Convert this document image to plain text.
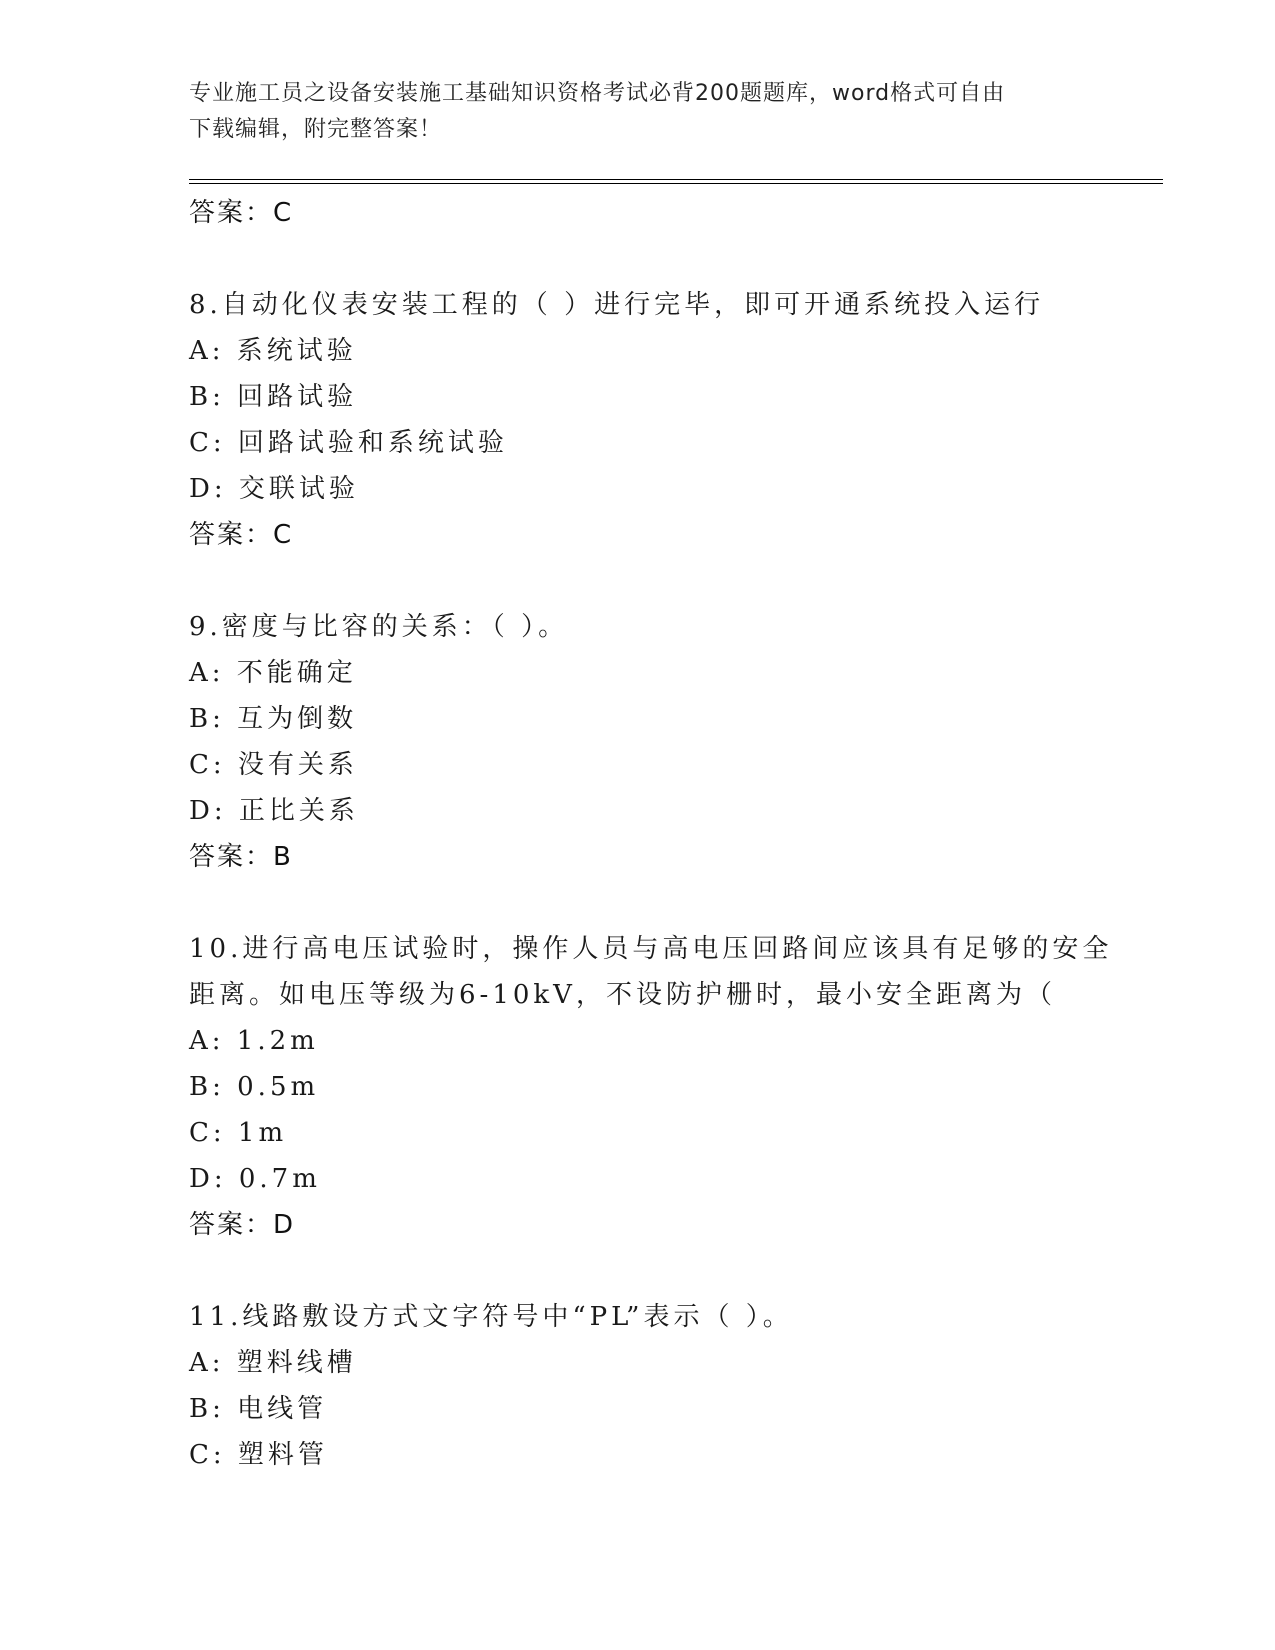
专业施工员之设备安装施工基础知识资格考试必背200题题库，word格式可自由
下载编辑，附完整答案！
答案：C
8.自动化仪表安装工程的（ ）进行完毕，即可开通系统投入运行
A: 系统试验
B: 回路试验
C: 回路试验和系统试验
D: 交联试验
答案：C
9.密度与比容的关系：（ ）。
A: 不能确定
B: 互为倒数
C: 没有关系
D: 正比关系
答案：B
10.进行高电压试验时，操作人员与高电压回路间应该具有足够的安全
距离。如电压等级为6-10kV，不设防护栅时，最小安全距离为（
A: 1.2m
B: 0.5m
C: 1m
D: 0.7m
答案：D
11.线路敷设方式文字符号中“PL”表示（ ）。
A: 塑料线槽
B: 电线管
C: 塑料管
